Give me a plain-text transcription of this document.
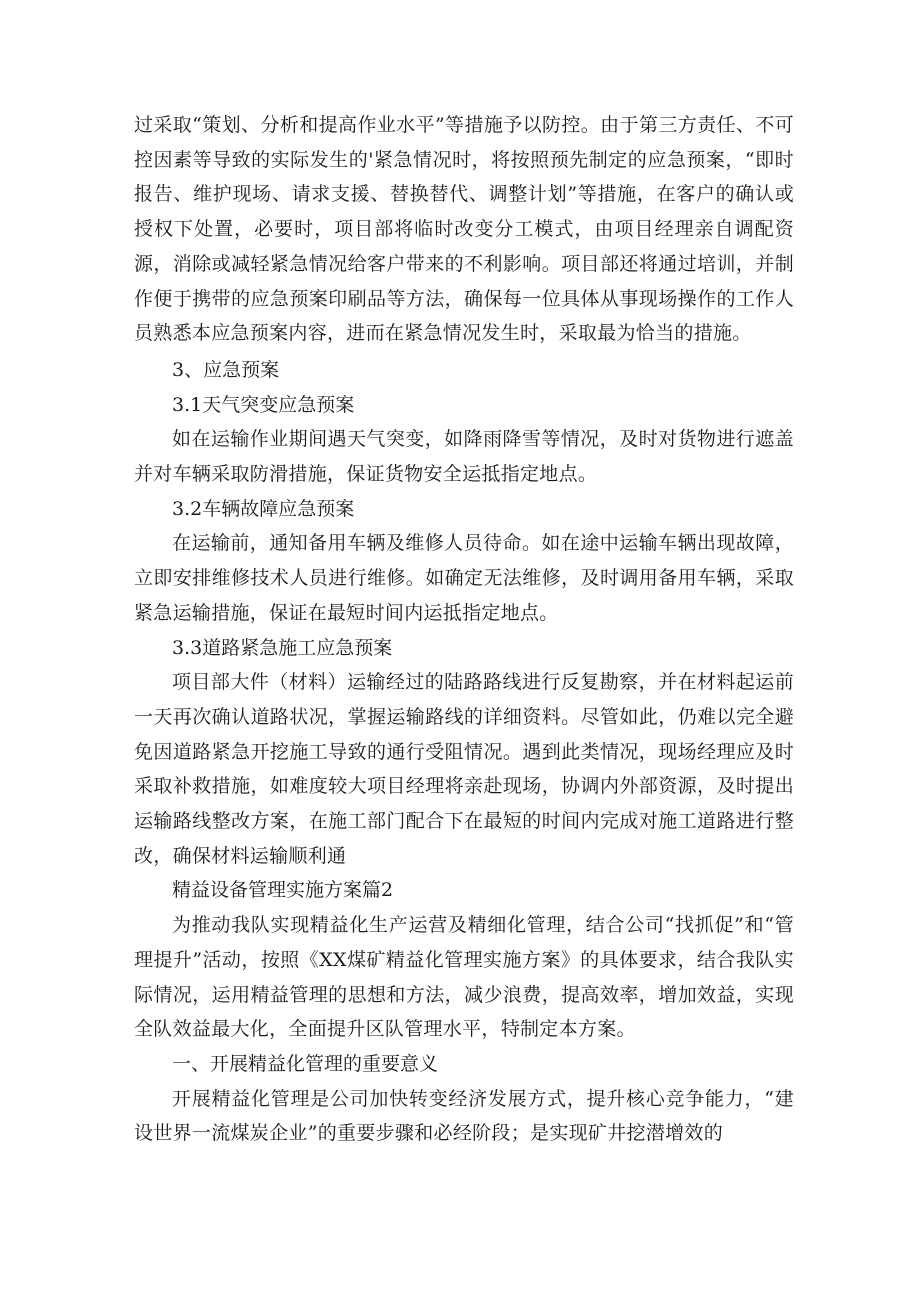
过采取“策划、分析和提高作业水平”等措施予以防控。由于第三方责任、不可控因素等导致的实际发生的'紧急情况时，将按照预先制定的应急预案，“即时报告、维护现场、请求支援、替换替代、调整计划”等措施，在客户的确认或授权下处置，必要时，项目部将临时改变分工模式，由项目经理亲自调配资源，消除或减轻紧急情况给客户带来的不利影响。项目部还将通过培训，并制作便于携带的应急预案印刷品等方法，确保每一位具体从事现场操作的工作人员熟悉本应急预案内容，进而在紧急情况发生时，采取最为恰当的措施。

3、应急预案

3.1天气突变应急预案

如在运输作业期间遇天气突变，如降雨降雪等情况，及时对货物进行遮盖并对车辆采取防滑措施，保证货物安全运抵指定地点。

3.2车辆故障应急预案

在运输前，通知备用车辆及维修人员待命。如在途中运输车辆出现故障，立即安排维修技术人员进行维修。如确定无法维修，及时调用备用车辆，采取紧急运输措施，保证在最短时间内运抵指定地点。

3.3道路紧急施工应急预案

项目部大件（材料）运输经过的陆路路线进行反复勘察，并在材料起运前一天再次确认道路状况，掌握运输路线的详细资料。尽管如此，仍难以完全避免因道路紧急开挖施工导致的通行受阻情况。遇到此类情况，现场经理应及时采取补救措施，如难度较大项目经理将亲赴现场，协调内外部资源，及时提出运输路线整改方案，在施工部门配合下在最短的时间内完成对施工道路进行整改，确保材料运输顺利通

精益设备管理实施方案篇2

为推动我队实现精益化生产运营及精细化管理，结合公司“找抓促”和“管理提升”活动，按照《XX煤矿精益化管理实施方案》的具体要求，结合我队实际情况，运用精益管理的思想和方法，减少浪费，提高效率，增加效益，实现全队效益最大化，全面提升区队管理水平，特制定本方案。

一、开展精益化管理的重要意义

开展精益化管理是公司加快转变经济发展方式，提升核心竞争能力，“建设世界一流煤炭企业”的重要步骤和必经阶段；是实现矿井挖潜增效的
